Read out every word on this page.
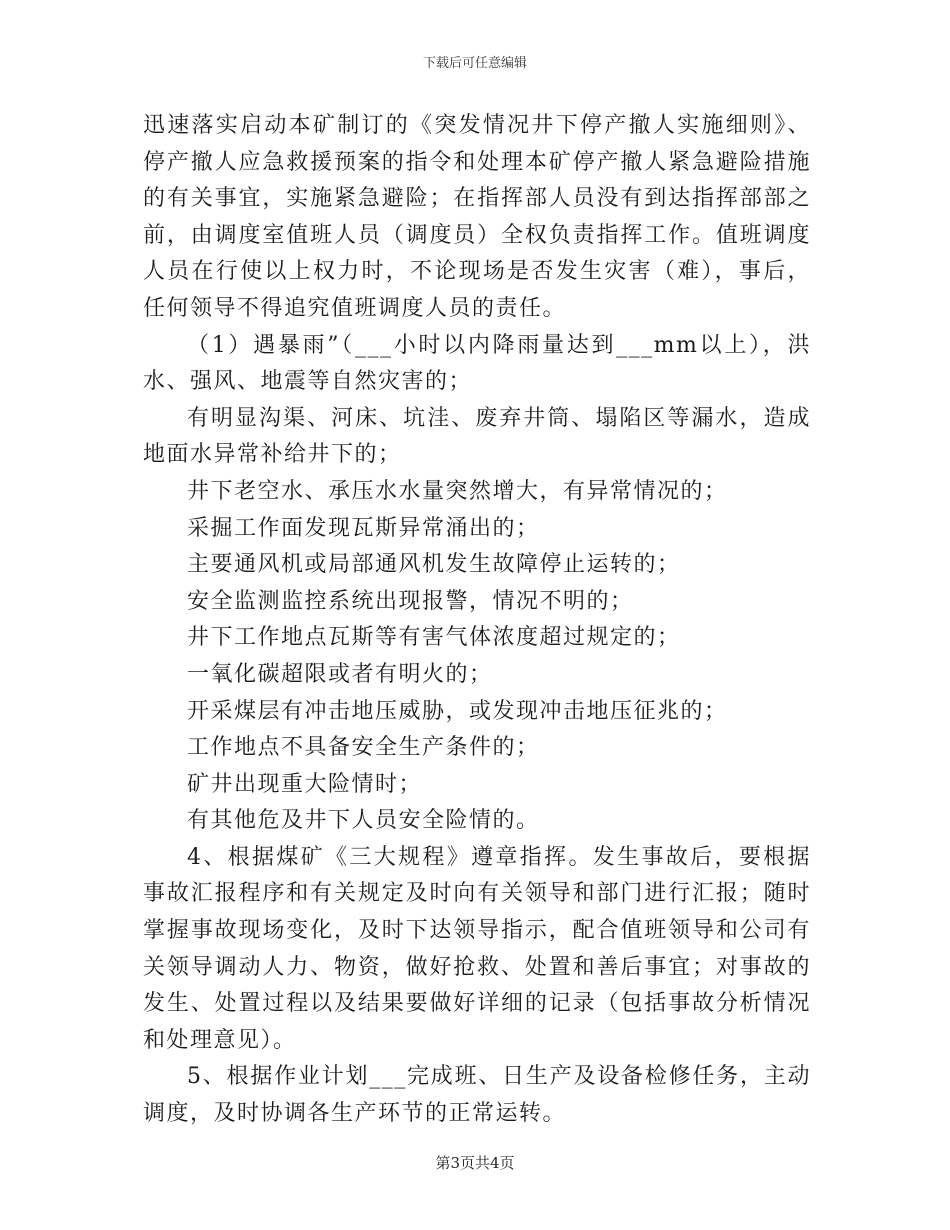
下载后可任意编辑

迅速落实启动本矿制订的《突发情况井下停产撤人实施细则》、停产撤人应急救援预案的指令和处理本矿停产撤人紧急避险措施的有关事宜，实施紧急避险；在指挥部人员没有到达指挥部部之前，由调度室值班人员（调度员）全权负责指挥工作。值班调度人员在行使以上权力时，不论现场是否发生灾害（难），事后，任何领导不得追究值班调度人员的责任。

（1）遇暴雨”（___小时以内降雨量达到___mm以上），洪水、强风、地震等自然灾害的；

有明显沟渠、河床、坑洼、废弃井筒、塌陷区等漏水，造成地面水异常补给井下的；

井下老空水、承压水水量突然增大，有异常情况的；

采掘工作面发现瓦斯异常涌出的；

主要通风机或局部通风机发生故障停止运转的；

安全监测监控系统出现报警，情况不明的；

井下工作地点瓦斯等有害气体浓度超过规定的；

一氧化碳超限或者有明火的；

开采煤层有冲击地压威胁，或发现冲击地压征兆的；

工作地点不具备安全生产条件的；

矿井出现重大险情时；

有其他危及井下人员安全险情的。

4、根据煤矿《三大规程》遵章指挥。发生事故后，要根据事故汇报程序和有关规定及时向有关领导和部门进行汇报；随时掌握事故现场变化，及时下达领导指示，配合值班领导和公司有关领导调动人力、物资，做好抢救、处置和善后事宜；对事故的发生、处置过程以及结果要做好详细的记录（包括事故分析情况和处理意见）。

5、根据作业计划___完成班、日生产及设备检修任务，主动调度，及时协调各生产环节的正常运转。

第3页共4页
